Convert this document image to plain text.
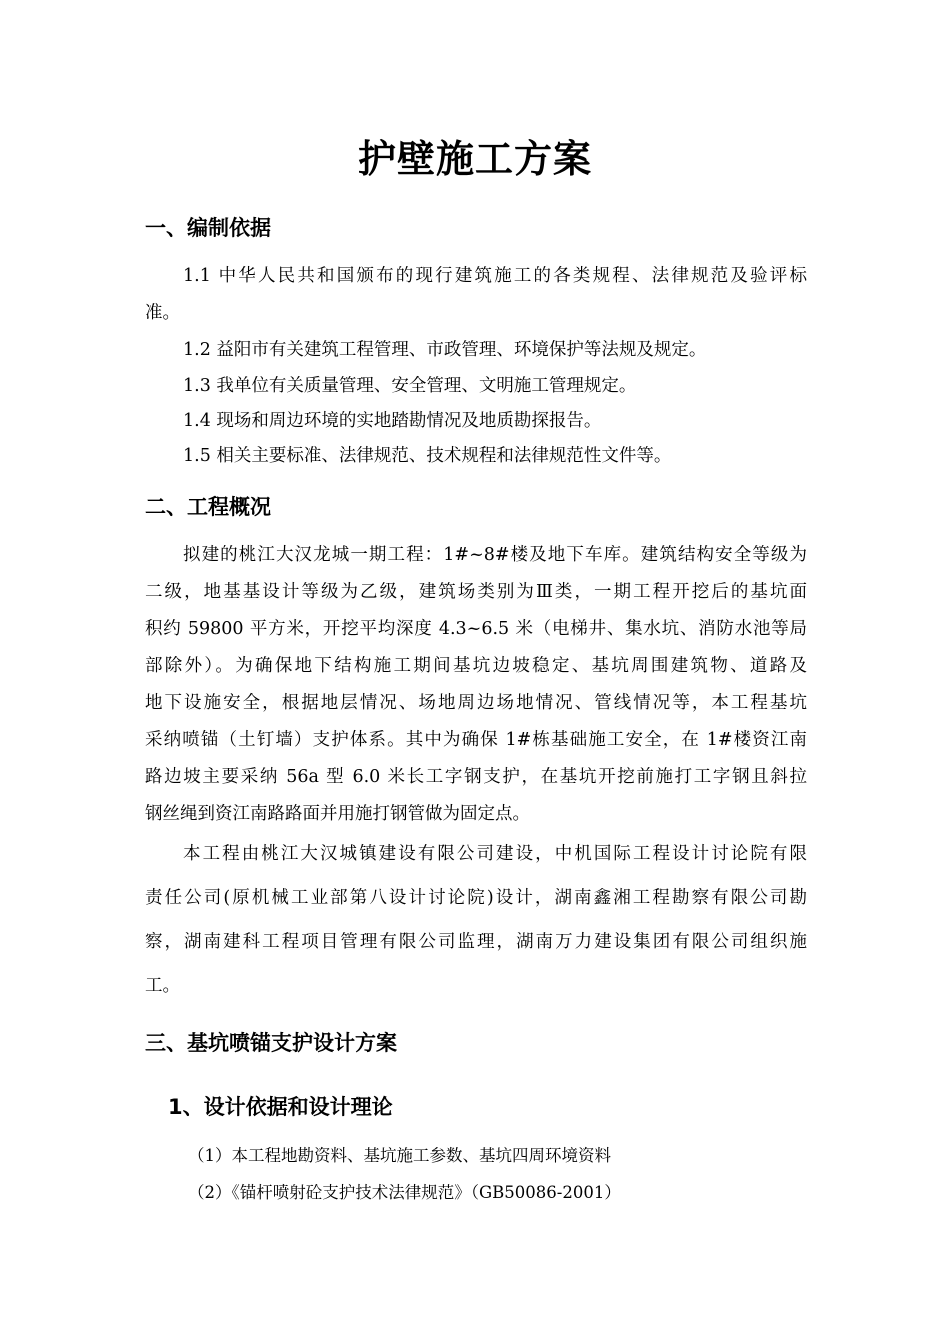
护壁施工方案
一、编制依据
1.1 中华人民共和国颁布的现行建筑施工的各类规程、法律规范及验评标
准。
1.2 益阳市有关建筑工程管理、市政管理、环境保护等法规及规定。
1.3 我单位有关质量管理、安全管理、文明施工管理规定。
1.4 现场和周边环境的实地踏勘情况及地质勘探报告。
1.5 相关主要标准、法律规范、技术规程和法律规范性文件等。
二、工程概况
拟建的桃江大汉龙城一期工程：1#~8#楼及地下车库。建筑结构安全等级为
二级，地基基设计等级为乙级，建筑场类别为Ⅲ类，一期工程开挖后的基坑面
积约 59800 平方米，开挖平均深度 4.3~6.5 米（电梯井、集水坑、消防水池等局
部除外）。为确保地下结构施工期间基坑边坡稳定、基坑周围建筑物、道路及
地下设施安全，根据地层情况、场地周边场地情况、管线情况等，本工程基坑
采纳喷锚（土钉墙）支护体系。其中为确保 1#栋基础施工安全，在 1#楼资江南
路边坡主要采纳 56a 型 6.0 米长工字钢支护，在基坑开挖前施打工字钢且斜拉
钢丝绳到资江南路路面并用施打钢管做为固定点。
本工程由桃江大汉城镇建设有限公司建设，中机国际工程设计讨论院有限
责任公司(原机械工业部第八设计讨论院)设计，湖南鑫湘工程勘察有限公司勘
察，湖南建科工程项目管理有限公司监理，湖南万力建设集团有限公司组织施
工。
三、基坑喷锚支护设计方案
1、设计依据和设计理论
（1）本工程地勘资料、基坑施工参数、基坑四周环境资料
（2）《锚杆喷射砼支护技术法律规范》（GB50086-2001）
